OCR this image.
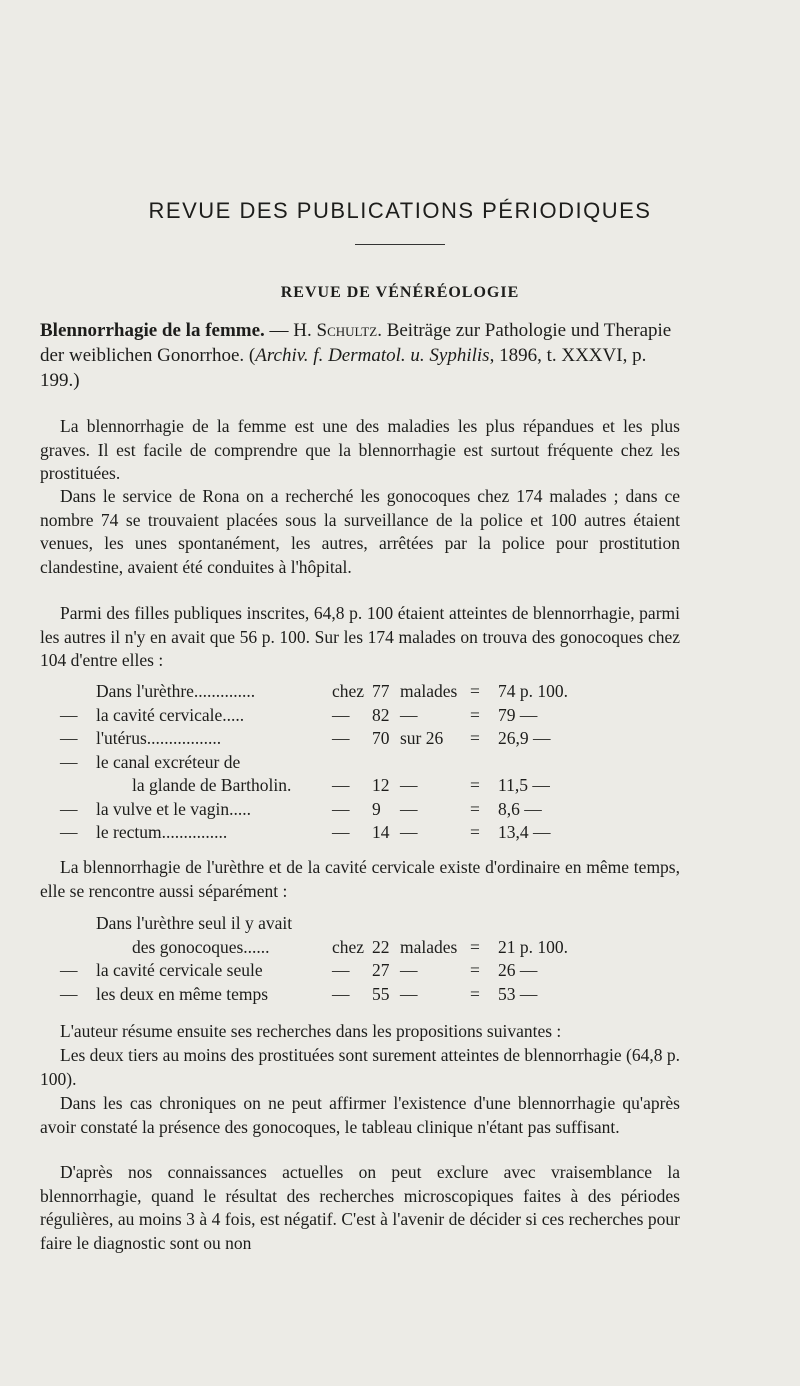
REVUE DES PUBLICATIONS PÉRIODIQUES
REVUE DE VÉNÉRÉOLOGIE
Blennorrhagie de la femme. — H. Schultz. Beiträge zur Pathologie und Therapie der weiblichen Gonorrhoe. (Archiv. f. Dermatol. u. Syphilis, 1896, t. XXXVI, p. 199.)
La blennorrhagie de la femme est une des maladies les plus répandues et les plus graves. Il est facile de comprendre que la blennorrhagie est surtout fréquente chez les prostituées.
Dans le service de Rona on a recherché les gonocoques chez 174 malades ; dans ce nombre 74 se trouvaient placées sous la surveillance de la police et 100 autres étaient venues, les unes spontanément, les autres, arrêtées par la police pour prostitution clandestine, avaient été conduites à l'hôpital.
Parmi des filles publiques inscrites, 64,8 p. 100 étaient atteintes de blennorrhagie, parmi les autres il n'y en avait que 56 p. 100. Sur les 174 malades on trouva des gonocoques chez 104 d'entre elles :
Dans l'urèthre..............	chez 77 malades = 74 p. 100.
— la cavité cervicale.....	— 82 —	= 79 —
— l'utérus.................	— 70 sur 26 = 26,9 —
— le canal excréteur de
la glande de Bartholin. — 12 —	= 11,5 —
— la vulve et le vagin.....	— 9 —	= 8,6 —
— le rectum...............	— 14 —	= 13,4 —
La blennorrhagie de l'urèthre et de la cavité cervicale existe d'ordinaire en même temps, elle se rencontre aussi séparément :
Dans l'urèthre seul il y avait
des gonocoques......	chez 22 malades = 21 p. 100.
— la cavité cervicale seule	— 27 —	= 26 —
— les deux en même temps	— 55 —	= 53 —
L'auteur résume ensuite ses recherches dans les propositions suivantes :
Les deux tiers au moins des prostituées sont surement atteintes de blennorrhagie (64,8 p. 100).
Dans les cas chroniques on ne peut affirmer l'existence d'une blennorrhagie qu'après avoir constaté la présence des gonocoques, le tableau clinique n'étant pas suffisant.
D'après nos connaissances actuelles on peut exclure avec vraisemblance la blennorrhagie, quand le résultat des recherches microscopiques faites à des périodes régulières, au moins 3 à 4 fois, est négatif. C'est à l'avenir de décider si ces recherches pour faire le diagnostic sont ou non
